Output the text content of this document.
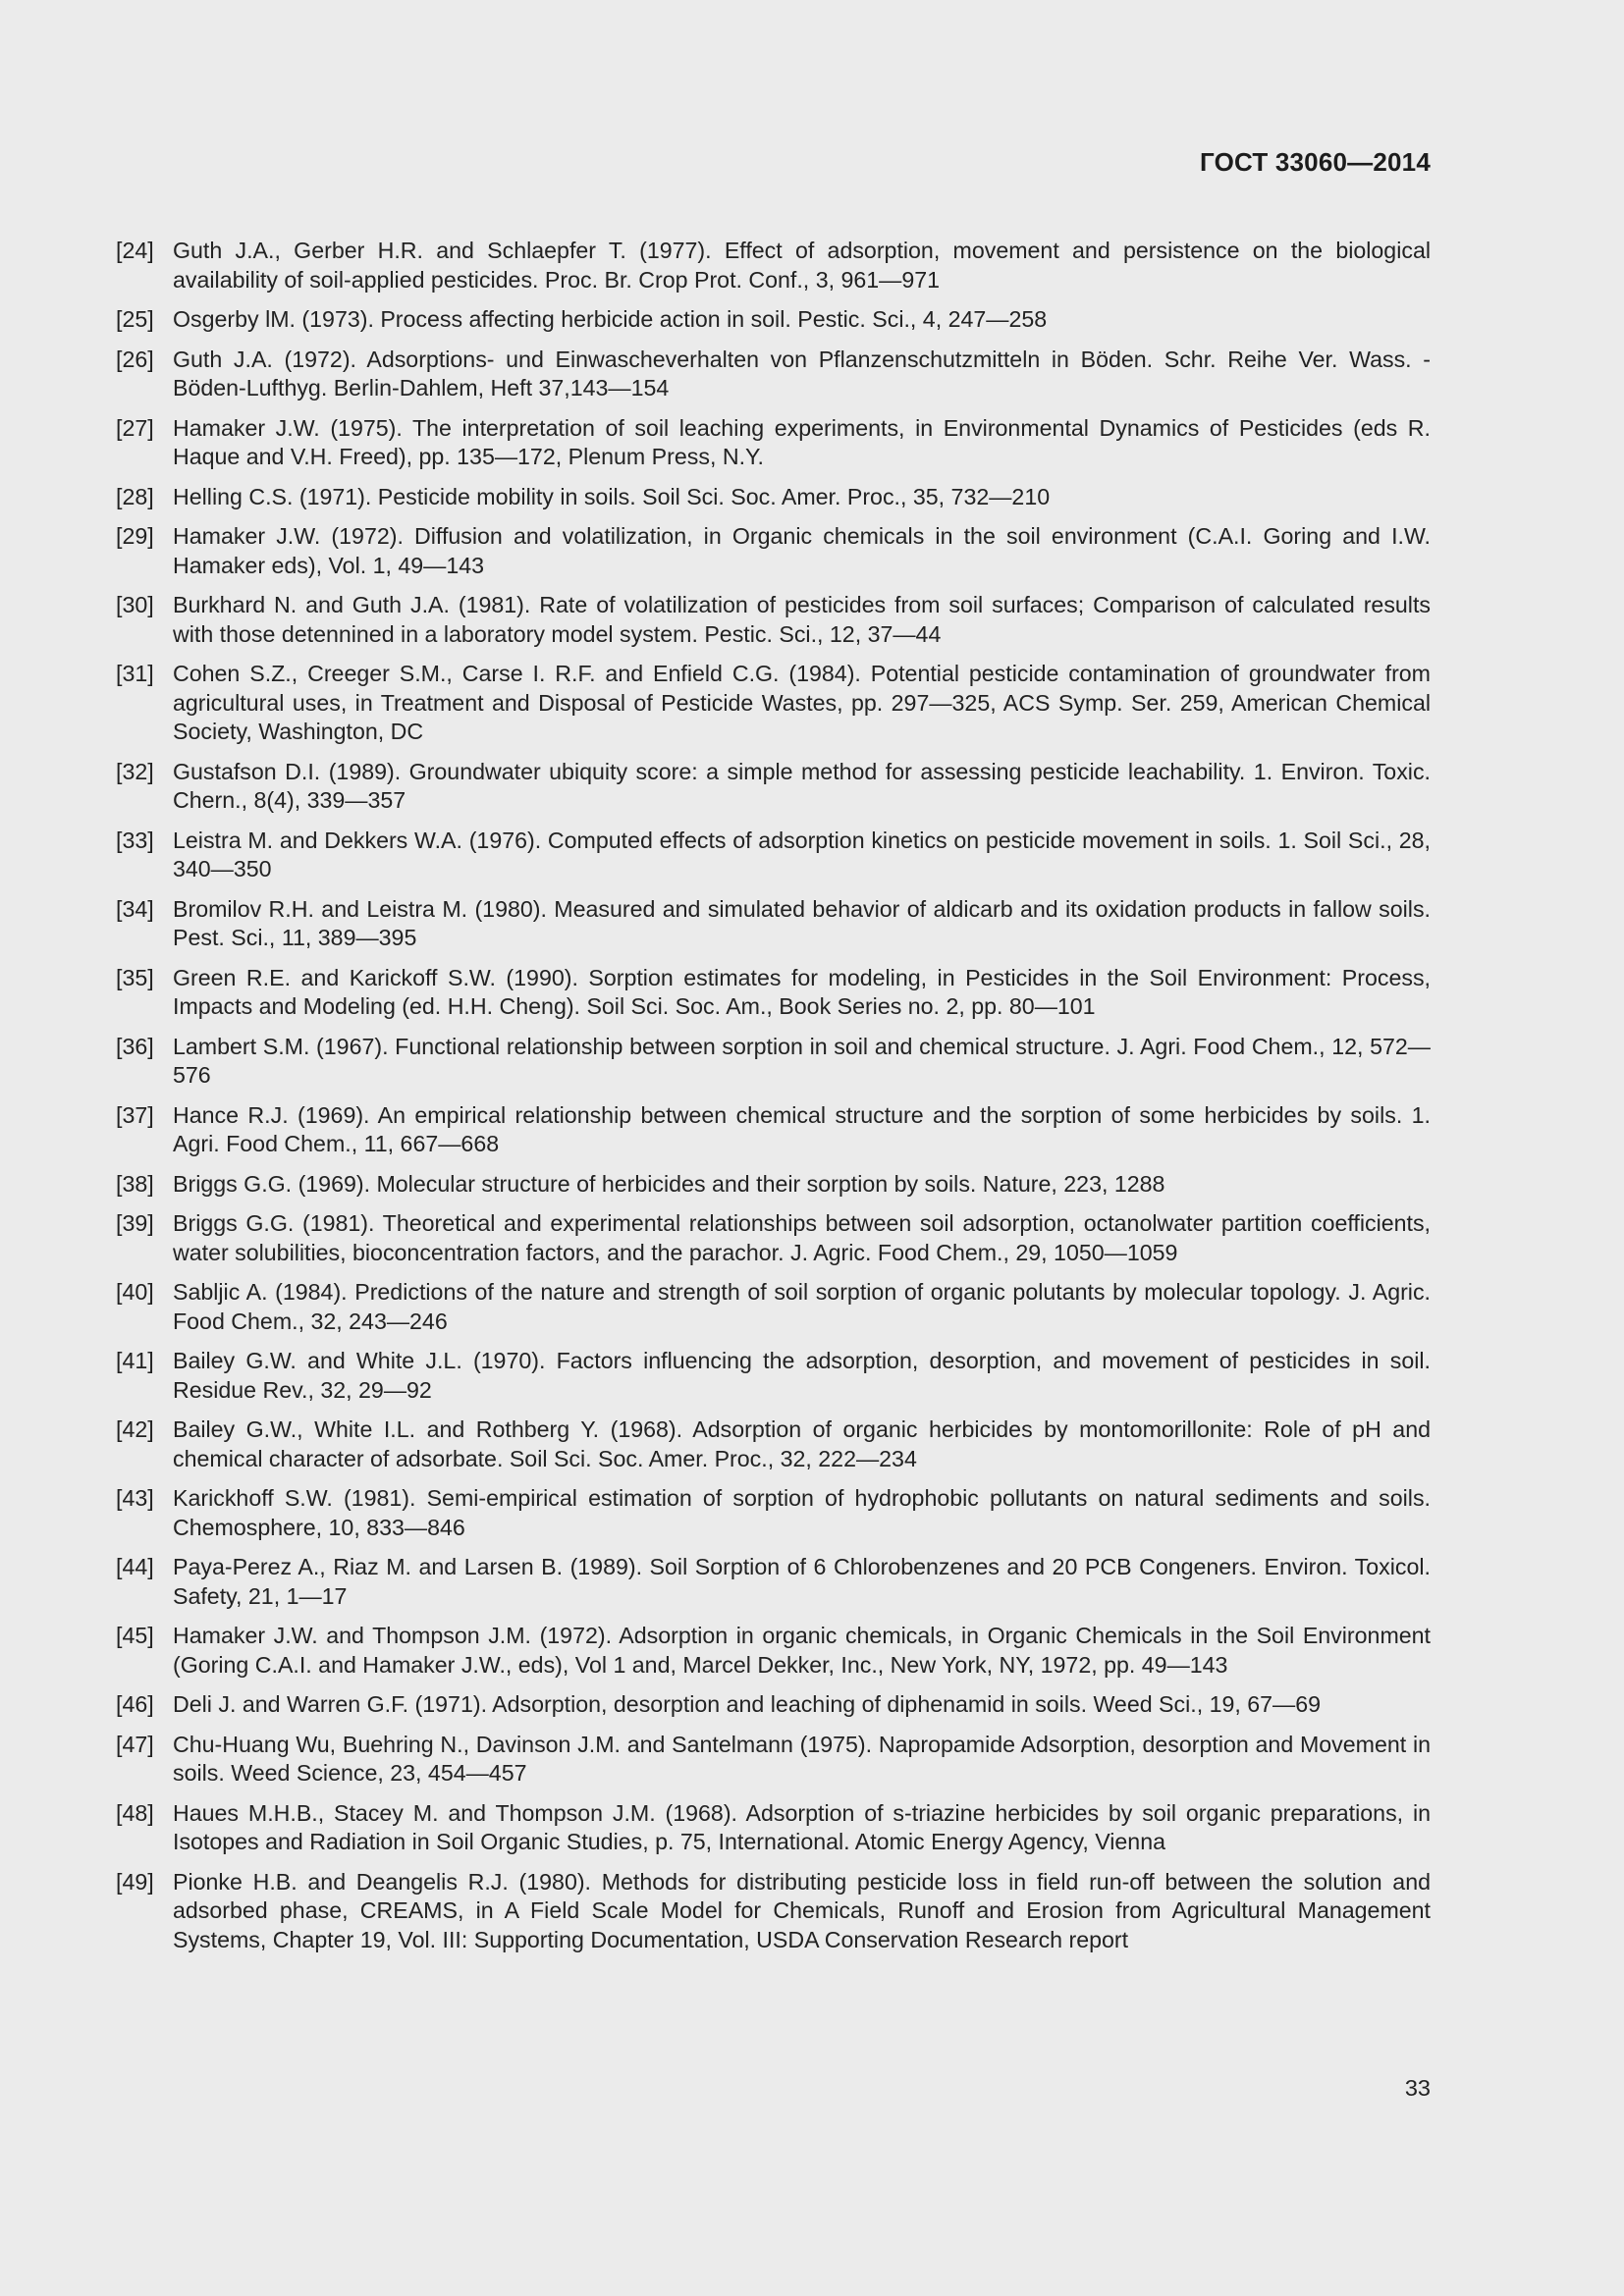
ГОСТ 33060—2014
[24] Guth J.A., Gerber H.R. and Schlaepfer T. (1977). Effect of adsorption, movement and persistence on the biological availability of soil-applied pesticides. Proc. Br. Crop Prot. Conf., 3, 961—971
[25] Osgerby lM. (1973). Process affecting herbicide action in soil. Pestic. Sci., 4, 247—258
[26] Guth J.A. (1972). Adsorptions- und Einwascheverhalten von Pflanzenschutzmitteln in Böden. Schr. Reihe Ver. Wass. - Böden-Lufthyg. Berlin-Dahlem, Heft 37,143—154
[27] Hamaker J.W. (1975). The interpretation of soil leaching experiments, in Environmental Dynamics of Pesticides (eds R. Haque and V.H. Freed), pp. 135—172, Plenum Press, N.Y.
[28] Helling C.S. (1971). Pesticide mobility in soils. Soil Sci. Soc. Amer. Proc., 35, 732—210
[29] Hamaker J.W. (1972). Diffusion and volatilization, in Organic chemicals in the soil environment (C.A.I. Goring and I.W. Hamaker eds), Vol. 1, 49—143
[30] Burkhard N. and Guth J.A. (1981). Rate of volatilization of pesticides from soil surfaces; Comparison of calculated results with those detennined in a laboratory model system. Pestic. Sci., 12, 37—44
[31] Cohen S.Z., Creeger S.M., Carse I. R.F. and Enfield C.G. (1984). Potential pesticide contamination of groundwater from agricultural uses, in Treatment and Disposal of Pesticide Wastes, pp. 297—325, ACS Symp. Ser. 259, American Chemical Society, Washington, DC
[32] Gustafson D.I. (1989). Groundwater ubiquity score: a simple method for assessing pesticide leachability. 1. Environ. Toxic. Chern., 8(4), 339—357
[33] Leistra M. and Dekkers W.A. (1976). Computed effects of adsorption kinetics on pesticide movement in soils. 1. Soil Sci., 28, 340—350
[34] Bromilov R.H. and Leistra M. (1980). Measured and simulated behavior of aldicarb and its oxidation products in fallow soils. Pest. Sci., 11, 389—395
[35] Green R.E. and Karickoff S.W. (1990). Sorption estimates for modeling, in Pesticides in the Soil Environment: Process, Impacts and Modeling (ed. H.H. Cheng). Soil Sci. Soc. Am., Book Series no. 2, pp. 80—101
[36] Lambert S.M. (1967). Functional relationship between sorption in soil and chemical structure. J. Agri. Food Chem., 12, 572—576
[37] Hance R.J. (1969). An empirical relationship between chemical structure and the sorption of some herbicides by soils. 1. Agri. Food Chem., 11, 667—668
[38] Briggs G.G. (1969). Molecular structure of herbicides and their sorption by soils. Nature, 223, 1288
[39] Briggs G.G. (1981). Theoretical and experimental relationships between soil adsorption, octanolwater partition coefficients, water solubilities, bioconcentration factors, and the parachor. J. Agric. Food Chem., 29, 1050—1059
[40] Sabljic A. (1984). Predictions of the nature and strength of soil sorption of organic polutants by molecular topology. J. Agric. Food Chem., 32, 243—246
[41] Bailey G.W. and White J.L. (1970). Factors influencing the adsorption, desorption, and movement of pesticides in soil. Residue Rev., 32, 29—92
[42] Bailey G.W., White I.L. and Rothberg Y. (1968). Adsorption of organic herbicides by montomorillonite: Role of pH and chemical character of adsorbate. Soil Sci. Soc. Amer. Proc., 32, 222—234
[43] Karickhoff S.W. (1981). Semi-empirical estimation of sorption of hydrophobic pollutants on natural sediments and soils. Chemosphere, 10, 833—846
[44] Paya-Perez A., Riaz M. and Larsen B. (1989). Soil Sorption of 6 Chlorobenzenes and 20 PCB Congeners. Environ. Toxicol. Safety, 21, 1—17
[45] Hamaker J.W. and Thompson J.M. (1972). Adsorption in organic chemicals, in Organic Chemicals in the Soil Environment (Goring C.A.I. and Hamaker J.W., eds), Vol 1 and, Marcel Dekker, Inc., New York, NY, 1972, pp. 49—143
[46] Deli J. and Warren G.F. (1971). Adsorption, desorption and leaching of diphenamid in soils. Weed Sci., 19, 67—69
[47] Chu-Huang Wu, Buehring N., Davinson J.M. and Santelmann (1975). Napropamide Adsorption, desorption and Movement in soils. Weed Science, 23, 454—457
[48] Haues M.H.B., Stacey M. and Thompson J.M. (1968). Adsorption of s-triazine herbicides by soil organic preparations, in Isotopes and Radiation in Soil Organic Studies, p. 75, International. Atomic Energy Agency, Vienna
[49] Pionke H.B. and Deangelis R.J. (1980). Methods for distributing pesticide loss in field run-off between the solution and adsorbed phase, CREAMS, in A Field Scale Model for Chemicals, Runoff and Erosion from Agricultural Management Systems, Chapter 19, Vol. III: Supporting Documentation, USDA Conservation Research report
33
